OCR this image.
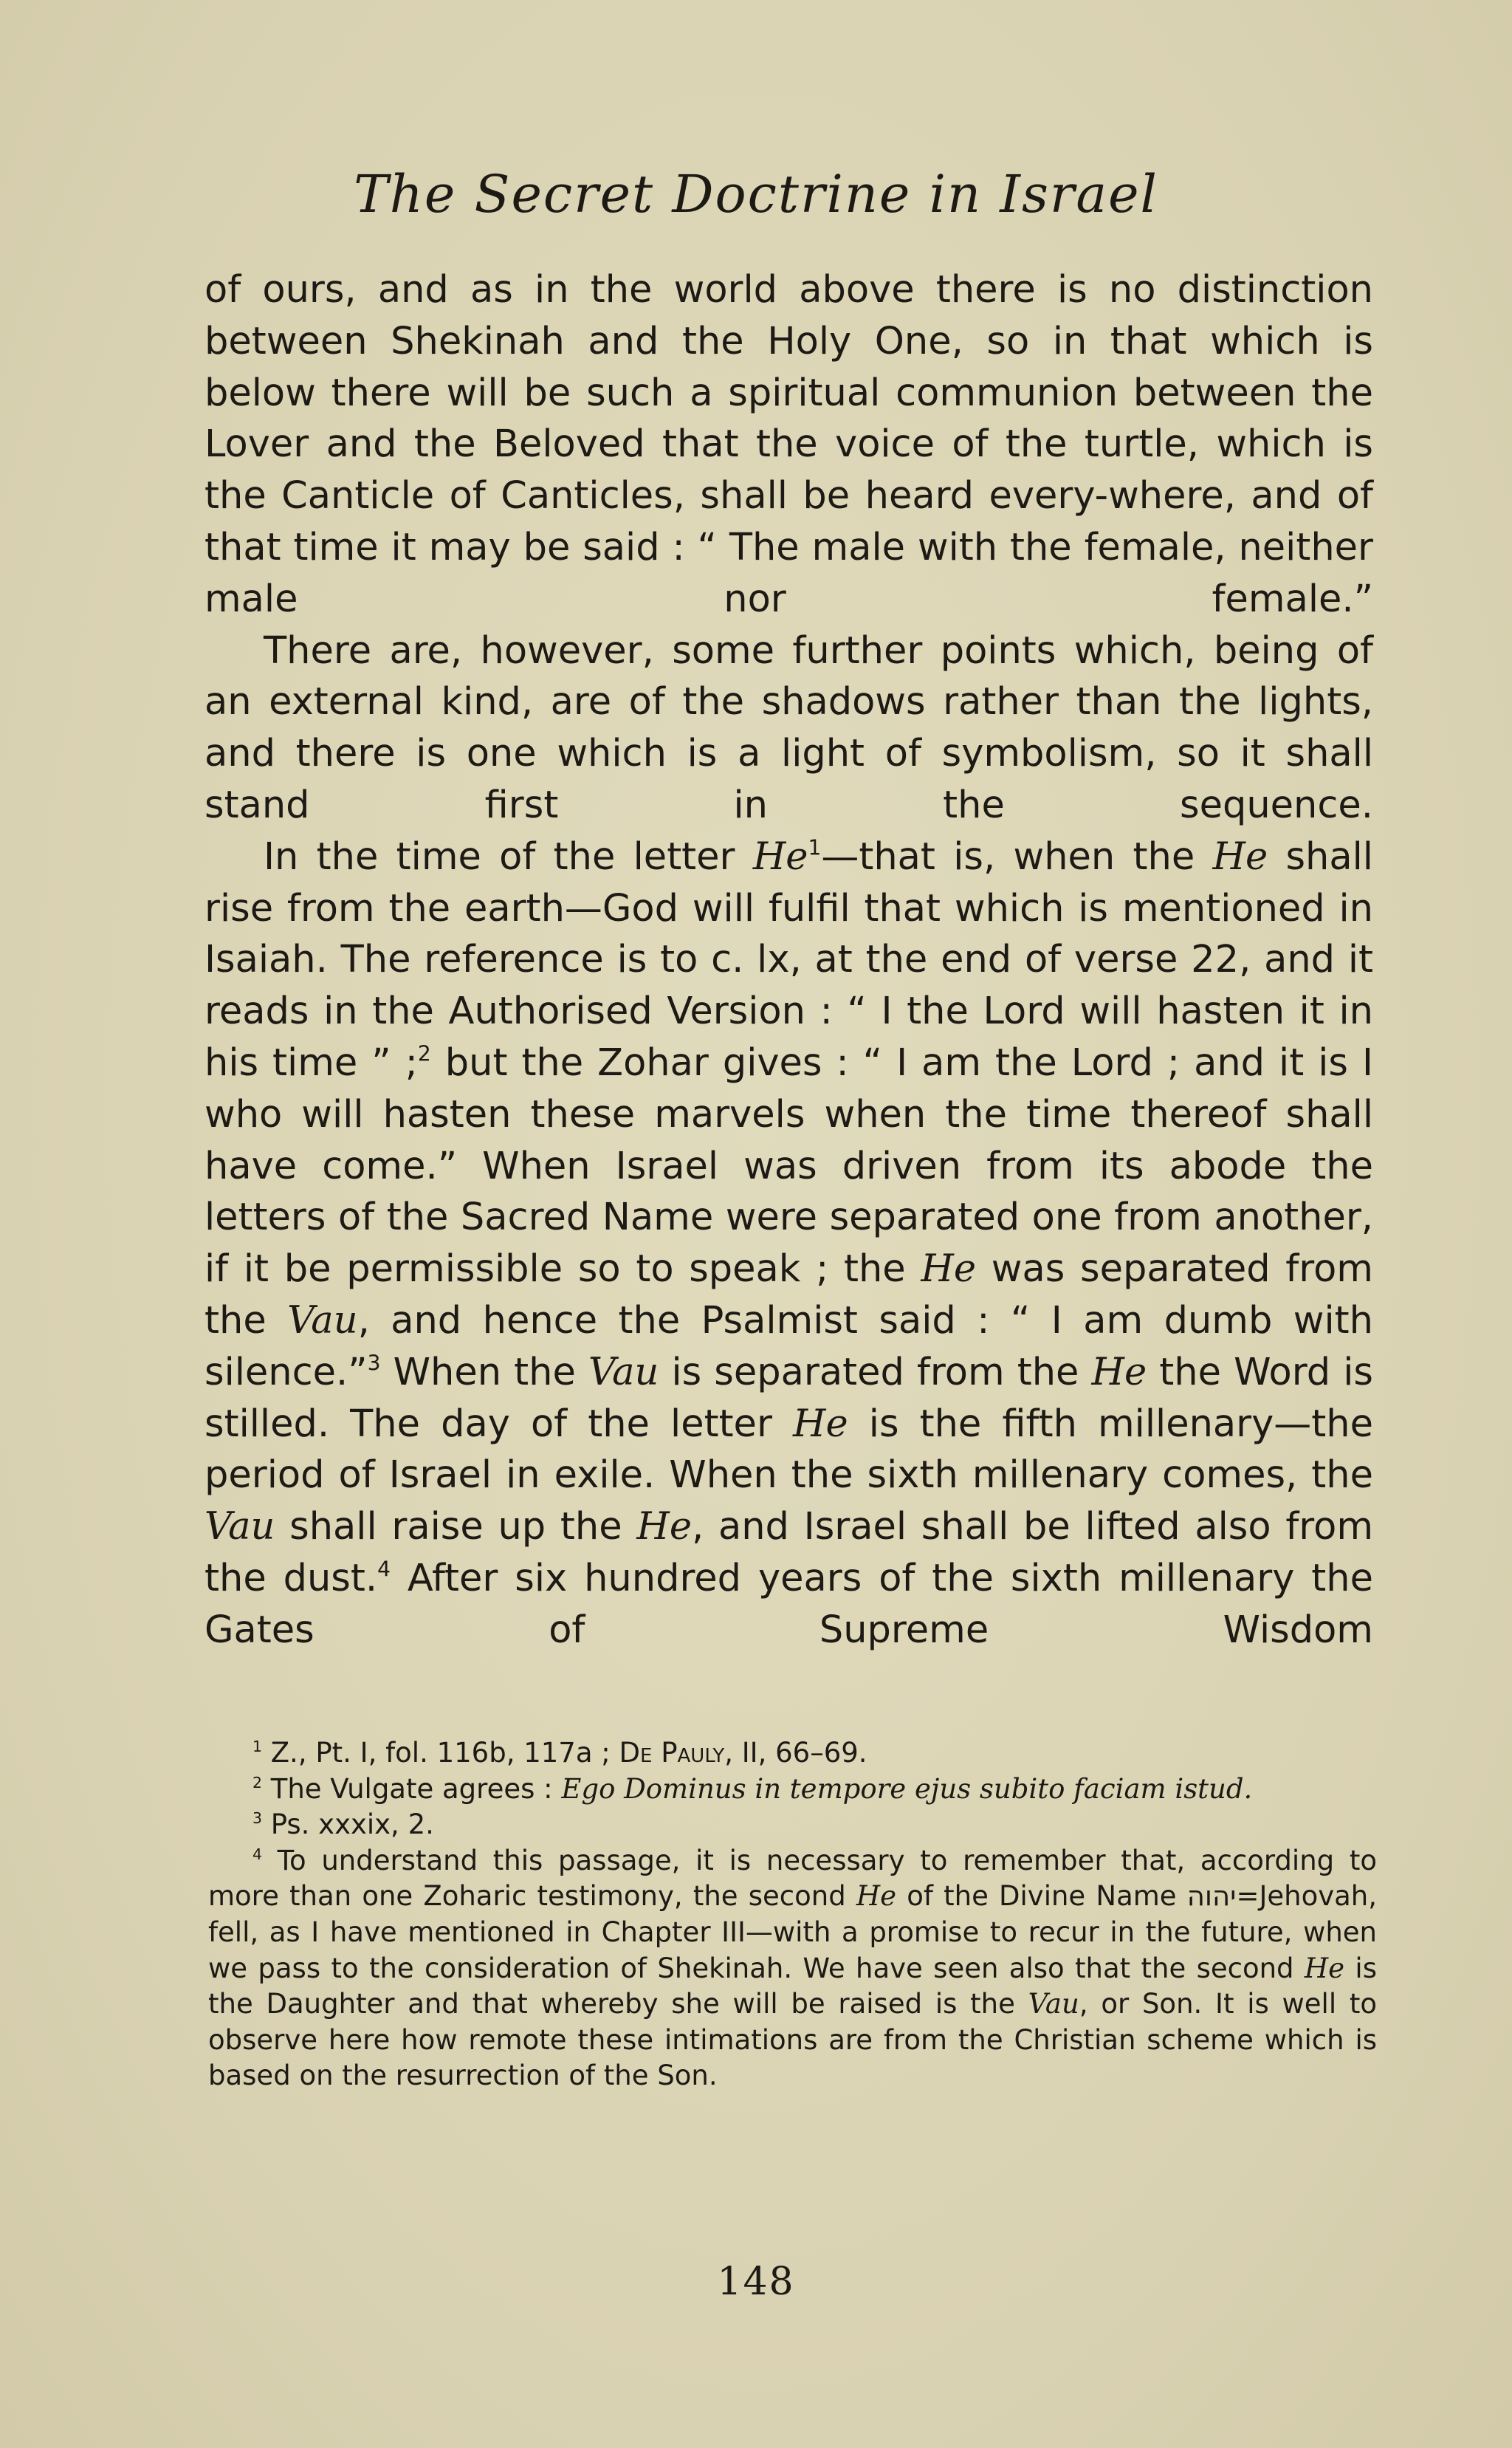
The Secret Doctrine in Israel

of ours, and as in the world above there is no distinction between Shekinah and the Holy One, so in that which is below there will be such a spiritual communion between the Lover and the Beloved that the voice of the turtle, which is the Canticle of Canticles, shall be heard every-where, and of that time it may be said : “ The male with the female, neither male nor female.”

There are, however, some further points which, being of an external kind, are of the shadows rather than the lights, and there is one which is a light of symbolism, so it shall stand first in the sequence.

In the time of the letter He$^1$—that is, when the He shall rise from the earth—God will fulfil that which is mentioned in Isaiah. The reference is to c. lx, at the end of verse 22, and it reads in the Authorised Version : “ I the Lord will hasten it in his time ” ;$^2$ but the Zohar gives : “ I am the Lord ; and it is I who will hasten these marvels when the time thereof shall have come.” When Israel was driven from its abode the letters of the Sacred Name were separated one from another, if it be permissible so to speak ; the He was separated from the Vau, and hence the Psalmist said : “ I am dumb with silence.”$^3$ When the Vau is separated from the He the Word is stilled. The day of the letter He is the fifth millenary—the period of Israel in exile. When the sixth millenary comes, the Vau shall raise up the He, and Israel shall be lifted also from the dust.$^4$ After six hundred years of the sixth millenary the Gates of Supreme Wisdom

$^1$ Z., Pt. I, fol. 116b, 117a ; De Pauly, II, 66–69.

$^2$ The Vulgate agrees : Ego Dominus in tempore ejus subito faciam istud.

$^3$ Ps. xxxix, 2.

$^4$ To understand this passage, it is necessary to remember that, according to more than one Zoharic testimony, the second He of the Divine Name יהוה=Jehovah, fell, as I have mentioned in Chapter III—with a promise to recur in the future, when we pass to the consideration of Shekinah. We have seen also that the second He is the Daughter and that whereby she will be raised is the Vau, or Son. It is well to observe here how remote these intimations are from the Christian scheme which is based on the resurrection of the Son.

148
